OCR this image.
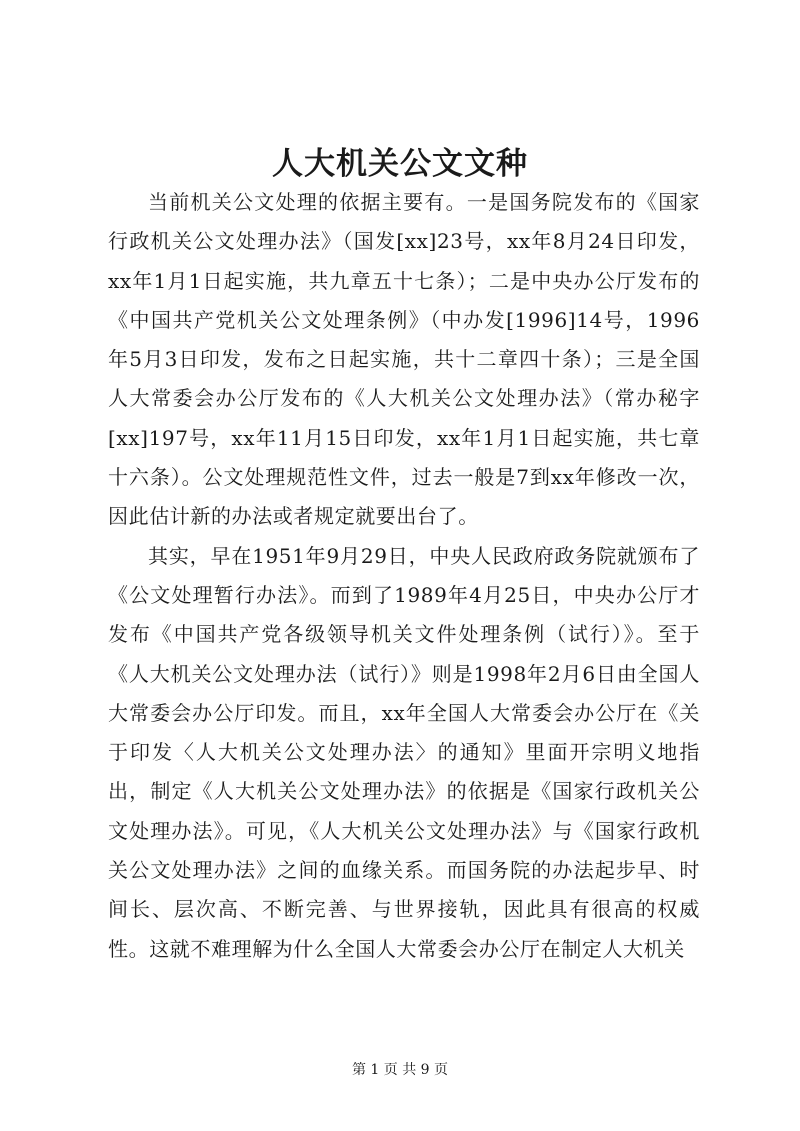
人大机关公文文种

当前机关公文处理的依据主要有。一是国务院发布的《国家行政机关公文处理办法》（国发[xx]23号，xx年8月24日印发，xx年1月1日起实施，共九章五十七条）；二是中央办公厅发布的《中国共产党机关公文处理条例》（中办发[1996]14号，1996年5月3日印发，发布之日起实施，共十二章四十条）；三是全国人大常委会办公厅发布的《人大机关公文处理办法》（常办秘字[xx]197号，xx年11月15日印发，xx年1月1日起实施，共七章十六条）。公文处理规范性文件，过去一般是7到xx年修改一次，因此估计新的办法或者规定就要出台了。

其实，早在1951年9月29日，中央人民政府政务院就颁布了《公文处理暂行办法》。而到了1989年4月25日，中央办公厅才发布《中国共产党各级领导机关文件处理条例（试行）》。至于《人大机关公文处理办法（试行）》则是1998年2月6日由全国人大常委会办公厅印发。而且，xx年全国人大常委会办公厅在《关于印发〈人大机关公文处理办法〉的通知》里面开宗明义地指出，制定《人大机关公文处理办法》的依据是《国家行政机关公文处理办法》。可见，《人大机关公文处理办法》与《国家行政机关公文处理办法》之间的血缘关系。而国务院的办法起步早、时间长、层次高、不断完善、与世界接轨，因此具有很高的权威性。这就不难理解为什么全国人大常委会办公厅在制定人大机关

第 1 页 共 9 页
